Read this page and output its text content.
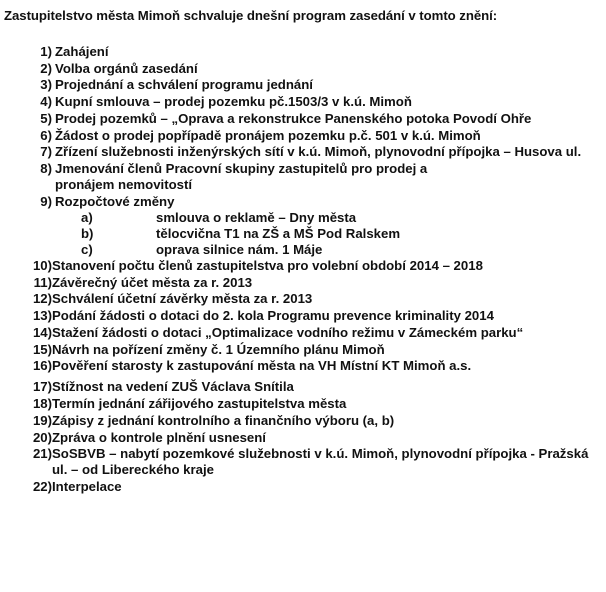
Zastupitelstvo města Mimoň schvaluje dnešní program zasedání v tomto znění:
1) Zahájení
2) Volba orgánů zasedání
3) Projednání a schválení programu jednání
4) Kupní smlouva – prodej pozemku pč.1503/3 v k.ú. Mimoň
5) Prodej pozemků – „Oprava a rekonstrukce Panenského potoka Povodí Ohře
6) Žádost o prodej popřípadě pronájem pozemku p.č. 501 v k.ú. Mimoň
7) Zřízení služebnosti inženýrských sítí v k.ú. Mimoň, plynovodní přípojka – Husova ul.
8) Jmenování členů Pracovní skupiny zastupitelů pro prodej a pronájem nemovitostí
9) Rozpočtové změny
a)	smlouva o reklamě – Dny města
b)	tělocvična T1 na ZŠ a MŠ Pod Ralskem
c)	oprava silnice nám. 1 Máje
10) Stanovení počtu členů zastupitelstva pro volební období 2014 – 2018
11) Závěrečný účet města za r. 2013
12) Schválení účetní závěrky města za r. 2013
13) Podání žádosti o dotaci do 2. kola Programu prevence kriminality 2014
14) Stažení žádosti o dotaci „Optimalizace vodního režimu v Zámeckém parku“
15) Návrh na pořízení změny č. 1 Územního plánu Mimoň
16) Pověření starosty k zastupování města na VH Místní KT Mimoň a.s.
17) Stížnost na vedení ZUŠ Václava Snítila
18) Termín jednání zářijového zastupitelstva města
19) Zápisy z jednání kontrolního a finančního výboru (a, b)
20) Zpráva o kontrole plnění usnesení
21) SoSBVB – nabytí pozemkové služebnosti v k.ú. Mimoň, plynovodní přípojka - Pražská ul. – od Libereckého kraje
22) Interpelace
